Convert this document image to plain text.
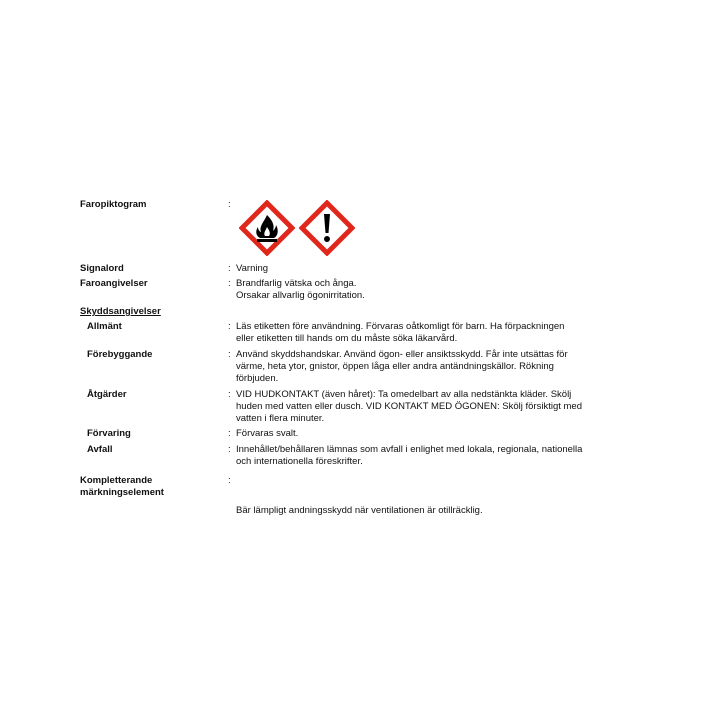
Faropiktogram	:
Signalord	: Varning
Faroangivelser	: Brandfarlig vätska och ånga.
Orsakar allvarlig ögonirritation.
Skyddsangivelser
Allmänt	: Läs etiketten före användning. Förvaras oåtkomligt för barn. Ha förpackningen
eller etiketten till hands om du måste söka läkarvård.
Förebyggande	: Använd skyddshandskar. Använd ögon- eller ansiktsskydd. Får inte utsättas för
värme, heta ytor, gnistor, öppen låga eller andra antändningskällor. Rökning
förbjuden.
Åtgärder	: VID HUDKONTAKT (även håret): Ta omedelbart av alla nedstänkta kläder. Skölj
huden med vatten eller dusch. VID KONTAKT MED ÖGONEN: Skölj försiktigt med
vatten i flera minuter.
Förvaring	: Förvaras svalt.
Avfall	: Innehållet/behållaren lämnas som avfall i enlighet med lokala, regionala, nationella
och internationella föreskrifter.
Kompletterande
märkningselement
:
Bär lämpligt andningsskydd när ventilationen är otillräcklig.
